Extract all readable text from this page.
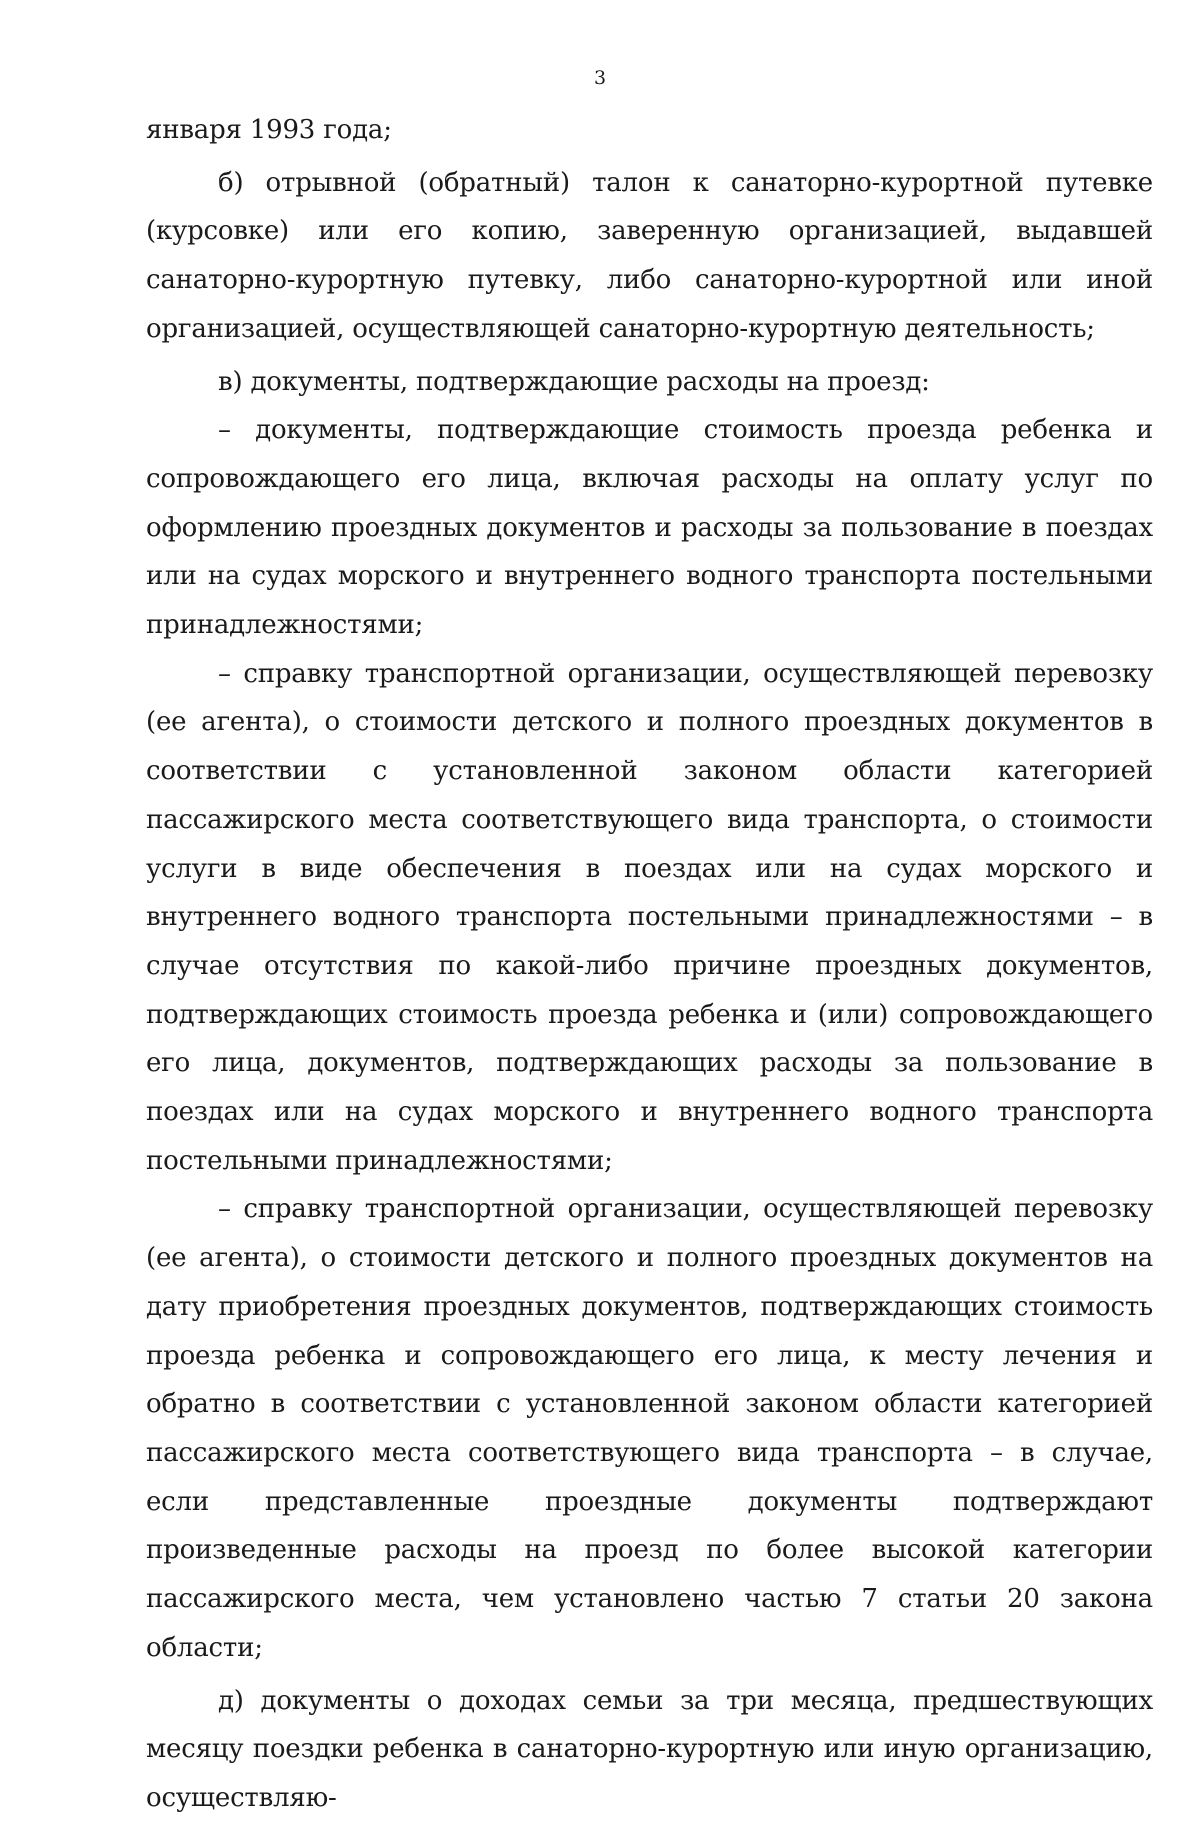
3

января 1993 года;

б) отрывной (обратный) талон к санаторно-курортной путевке (курсовке) или его копию, заверенную организацией, выдавшей санаторно-курортную путевку, либо санаторно-курортной или иной организацией, осуществляющей санаторно-курортную деятельность;

в) документы, подтверждающие расходы на проезд:

– документы, подтверждающие стоимость проезда ребенка и сопровождающего его лица, включая расходы на оплату услуг по оформлению проездных документов и расходы за пользование в поездах или на судах морского и внутреннего водного транспорта постельными принадлежностями;

– справку транспортной организации, осуществляющей перевозку (ее агента), о стоимости детского и полного проездных документов в соответствии с установленной законом области категорией пассажирского места соответствующего вида транспорта, о стоимости услуги в виде обеспечения в поездах или на судах морского и внутреннего водного транспорта постельными принадлежностями – в случае отсутствия по какой-либо причине проездных документов, подтверждающих стоимость проезда ребенка и (или) сопровождающего его лица, документов, подтверждающих расходы за пользование в поездах или на судах морского и внутреннего водного транспорта постельными принадлежностями;

– справку транспортной организации, осуществляющей перевозку (ее агента), о стоимости детского и полного проездных документов на дату приобретения проездных документов, подтверждающих стоимость проезда ребенка и сопровождающего его лица, к месту лечения и обратно в соответствии с установленной законом области категорией пассажирского места соответствующего вида транспорта – в случае, если представленные проездные документы подтверждают произведенные расходы на проезд по более высокой категории пассажирского места, чем установлено частью 7 статьи 20 закона области;

д) документы о доходах семьи за три месяца, предшествующих месяцу поездки ребенка в санаторно-курортную или иную организацию, осуществляю-
